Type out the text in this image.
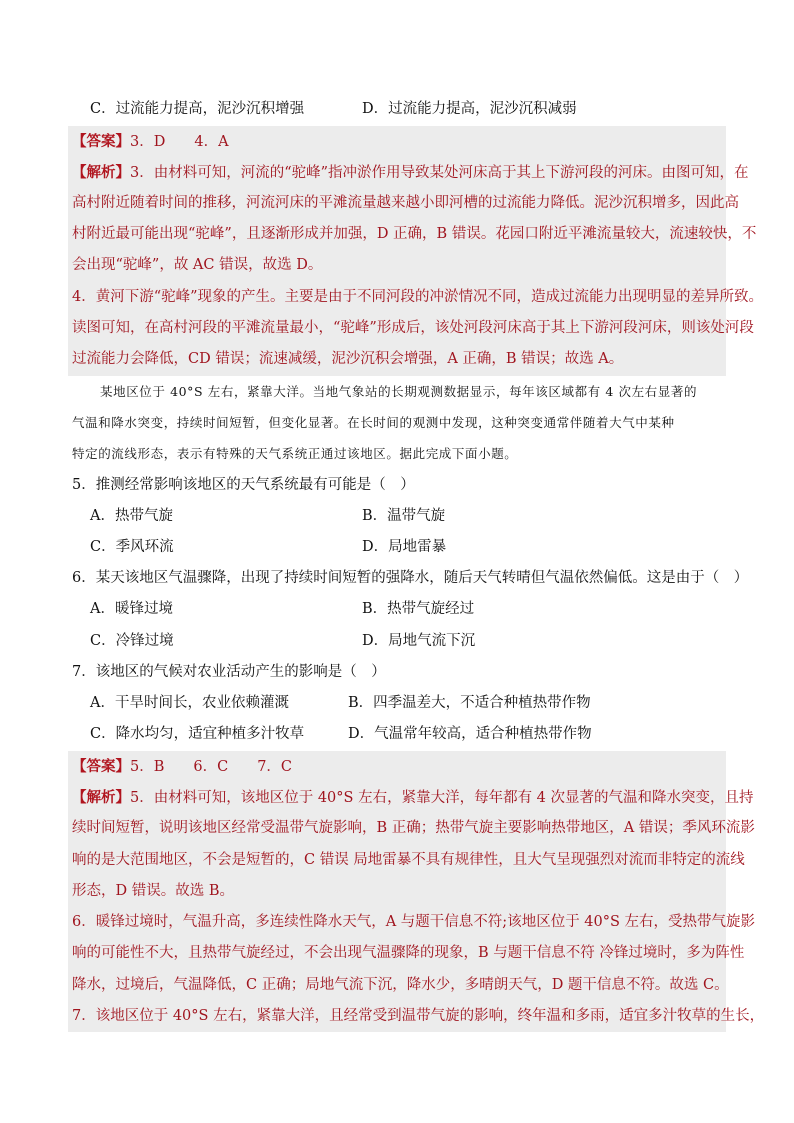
C．过流能力提高，泥沙沉积增强	D．过流能力提高，泥沙沉积减弱
【答案】3．D　　4．A
【解析】3．由材料可知，河流的“驼峰”指冲淤作用导致某处河床高于其上下游河段的河床。由图可知，在
高村附近随着时间的推移，河流河床的平滩流量越来越小即河槽的过流能力降低。泥沙沉积增多，因此高
村附近最可能出现“驼峰”，且逐渐形成并加强，D 正确，B 错误。花园口附近平滩流量较大，流速较快，不
会出现“驼峰”，故 AC 错误，故选 D。
4．黄河下游“驼峰”现象的产生。主要是由于不同河段的冲淤情况不同，造成过流能力出现明显的差异所致。
读图可知，在高村河段的平滩流量最小，“驼峰”形成后，该处河段河床高于其上下游河段河床，则该处河段
过流能力会降低，CD 错误；流速减缓，泥沙沉积会增强，A 正确，B 错误；故选 A。
某地区位于 40°S 左右，紧靠大洋。当地气象站的长期观测数据显示，每年该区域都有 4 次左右显著的
气温和降水突变，持续时间短暂，但变化显著。在长时间的观测中发现，这种突变通常伴随着大气中某种
特定的流线形态，表示有特殊的天气系统正通过该地区。据此完成下面小题。
5．推测经常影响该地区的天气系统最有可能是（　）
A．热带气旋	B．温带气旋
C．季风环流	D．局地雷暴
6．某天该地区气温骤降，出现了持续时间短暂的强降水，随后天气转晴但气温依然偏低。这是由于（　）
A．暖锋过境	B．热带气旋经过
C．冷锋过境	D．局地气流下沉
7．该地区的气候对农业活动产生的影响是（　）
A．干旱时间长，农业依赖灌溉	B．四季温差大，不适合种植热带作物
C．降水均匀，适宜种植多汁牧草	D．气温常年较高，适合种植热带作物
【答案】5．B　　6．C　　7．C
【解析】5．由材料可知，该地区位于 40°S 左右，紧靠大洋，每年都有 4 次显著的气温和降水突变，且持
续时间短暂，说明该地区经常受温带气旋影响，B 正确；热带气旋主要影响热带地区，A 错误；季风环流影
响的是大范围地区，不会是短暂的，C 错误 局地雷暴不具有规律性，且大气呈现强烈对流而非特定的流线
形态，D 错误。故选 B。
6．暖锋过境时，气温升高，多连续性降水天气，A 与题干信息不符;该地区位于 40°S 左右，受热带气旋影
响的可能性不大，且热带气旋经过，不会出现气温骤降的现象，B 与题干信息不符 冷锋过境时，多为阵性
降水，过境后，气温降低，C 正确；局地气流下沉，降水少，多晴朗天气，D 题干信息不符。故选 C。
7．该地区位于 40°S 左右，紧靠大洋，且经常受到温带气旋的影响，终年温和多雨，适宜多汁牧草的生长，
